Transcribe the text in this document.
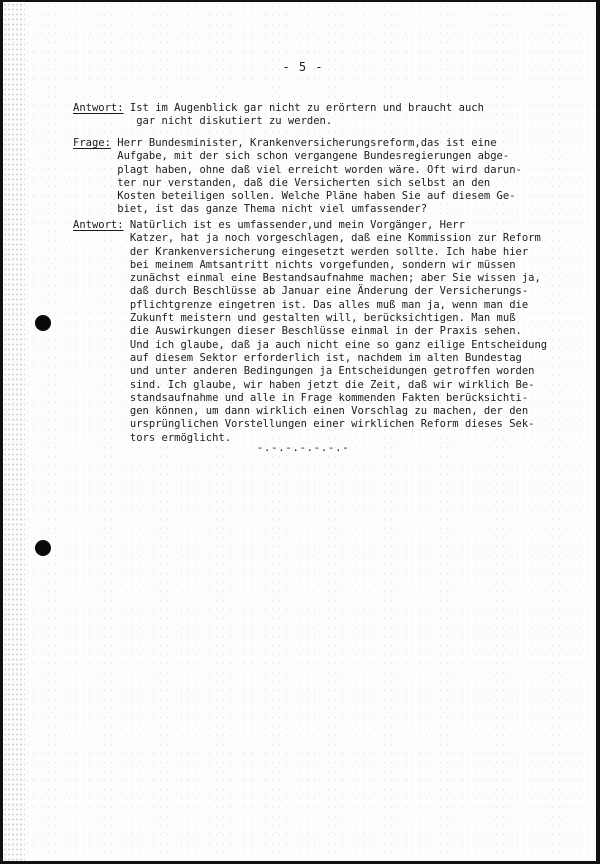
- 5 -
Antwort: Ist im Augenblick gar nicht zu erörtern und braucht auch
gar nicht diskutiert zu werden.
Frage: Herr Bundesminister, Krankenversicherungsreform,das ist eine
Aufgabe, mit der sich schon vergangene Bundesregierungen abge-
plagt haben, ohne daß viel erreicht worden wäre. Oft wird darun-
ter nur verstanden, daß die Versicherten sich selbst an den
Kosten beteiligen sollen. Welche Pläne haben Sie auf diesem Ge-
biet, ist das ganze Thema nicht viel umfassender?
Antwort: Natürlich ist es umfassender,und mein Vorgänger, Herr
Katzer, hat ja noch vorgeschlagen, daß eine Kommission zur Reform
der Krankenversicherung eingesetzt werden sollte. Ich habe hier
bei meinem Amtsantritt nichts vorgefunden, sondern wir müssen
zunächst einmal eine Bestandsaufnahme machen; aber Sie wissen ja,
daß durch Beschlüsse ab Januar eine Änderung der Versicherungs-
pflichtgrenze eingetren ist. Das alles muß man ja, wenn man die
Zukunft meistern und gestalten will, berücksichtigen. Man muß
die Auswirkungen dieser Beschlüsse einmal in der Praxis sehen.
Und ich glaube, daß ja auch nicht eine so ganz eilige Entscheidung
auf diesem Sektor erforderlich ist, nachdem im alten Bundestag
und unter anderen Bedingungen ja Entscheidungen getroffen worden
sind. Ich glaube, wir haben jetzt die Zeit, daß wir wirklich Be-
standsaufnahme und alle in Frage kommenden Fakten berücksichti-
gen können, um dann wirklich einen Vorschlag zu machen, der den
ursprünglichen Vorstellungen einer wirklichen Reform dieses Sek-
tors ermöglicht.
-.-.-.-.-.-.-
